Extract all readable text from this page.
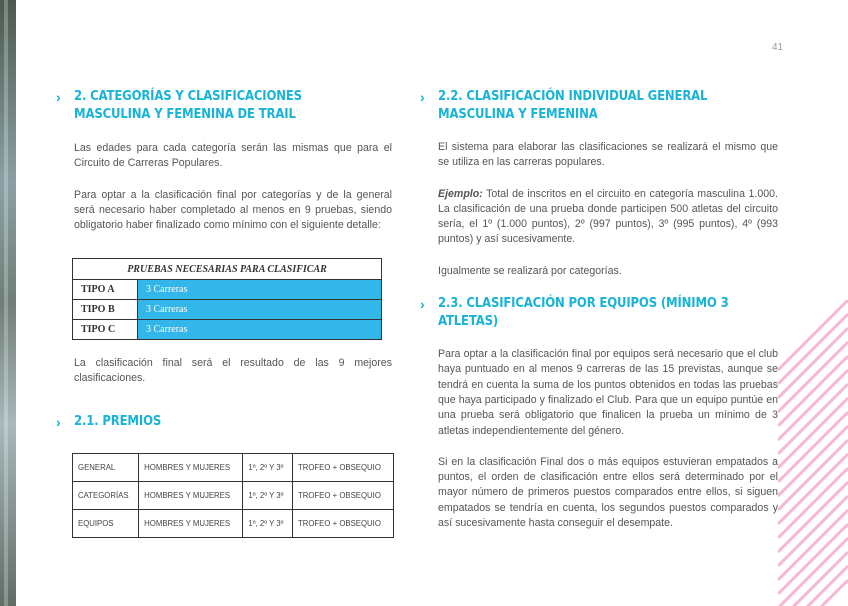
41
›	2. CATEGORÍAS Y CLASIFICACIONES MASCULINA Y FEMENINA DE TRAIL

Las edades para cada categoría serán las mismas que para el Circuito de Carreras Populares.

Para optar a la clasificación final por categorías y de la general será necesario haber completado al menos en 9 pruebas, siendo obligatorio haber finalizado como mínimo con el siguiente detalle:

PRUEBAS NECESARIAS PARA CLASIFICAR	
TIPO A	3 Carreras
TIPO B	3 Carreras
TIPO C	3 Carreras

La clasificación final será el resultado de las 9 mejores clasificaciones.

›	2.1. PREMIOS
GENERAL	HOMBRES Y MUJERES	1º, 2º Y 3º	TROFEO + OBSEQUIO
CATEGORÍAS	HOMBRES Y MUJERES	1º, 2º Y 3º	TROFEO + OBSEQUIO
EQUIPOS	HOMBRES Y MUJERES	1º, 2º Y 3º	TROFEO + OBSEQUIO
›	2.2. CLASIFICACIÓN INDIVIDUAL GENERAL MASCULINA Y FEMENINA

El sistema para elaborar las clasificaciones se realizará el mismo que se utiliza en las carreras populares.

Ejemplo: Total de inscritos en el circuito en categoría masculina 1.000. La clasificación de una prueba donde participen 500 atletas del circuito sería, el 1º (1.000 puntos), 2º (997 puntos), 3º (995 puntos), 4º (993 puntos) y así sucesivamente.

Igualmente se realizará por categorías.

›	2.3. CLASIFICACIÓN POR EQUIPOS (MÍNIMO 3 ATLETAS)

Para optar a la clasificación final por equipos será necesario que el club haya puntuado en al menos 9 carreras de las 15 previstas, aunque se tendrá en cuenta la suma de los puntos obtenidos en todas las pruebas que haya participado y finalizado el Club. Para que un equipo puntúe en una prueba será obligatorio que finalicen la prueba un mínimo de 3 atletas independientemente del género.

Si en la clasificación Final dos o más equipos estuvieran empatados a puntos, el orden de clasificación entre ellos será determinado por el mayor número de primeros puestos comparados entre ellos, si siguen empatados se tendría en cuenta, los segundos puestos comparados y así sucesivamente hasta conseguir el desempate.
